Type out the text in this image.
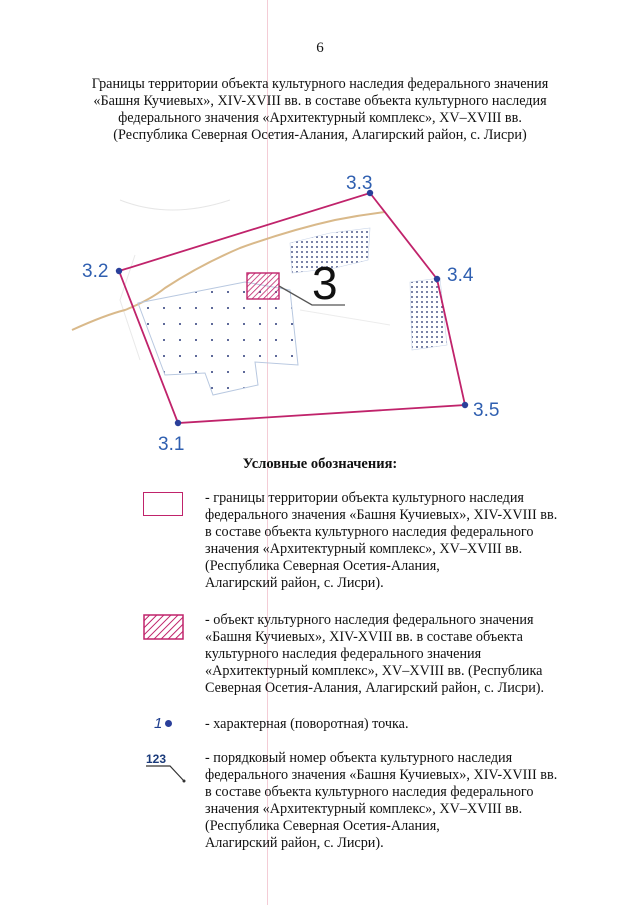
6
Границы территории объекта культурного наследия федерального значения
«Башня Кучиевых», XIV-XVIII вв. в составе объекта культурного наследия
федерального значения «Архитектурный комплекс», XV–XVIII вв.
(Республика Северная Осетия-Алания, Алагирский район, с. Лисри)
3.1
3.2
3.3
3.4
3.5
3
Условные обозначения:
- границы территории объекта культурного наследия
федерального значения «Башня Кучиевых», XIV-XVIII вв.
в составе объекта культурного наследия федерального
значения «Архитектурный комплекс», XV–XVIII вв.
(Республика Северная Осетия-Алания,
Алагирский район, с. Лисри).
- объект культурного наследия федерального значения
«Башня Кучиевых», XIV-XVIII вв. в составе объекта
культурного наследия федерального значения
«Архитектурный комплекс», XV–XVIII вв. (Республика
Северная Осетия-Алания, Алагирский район, с. Лисри).
1	- характерная (поворотная) точка.
123	- порядковый номер объекта культурного наследия
федерального значения «Башня Кучиевых», XIV-XVIII вв.
в составе объекта культурного наследия федерального
значения «Архитектурный комплекс», XV–XVIII вв.
(Республика Северная Осетия-Алания,
Алагирский район, с. Лисри).
